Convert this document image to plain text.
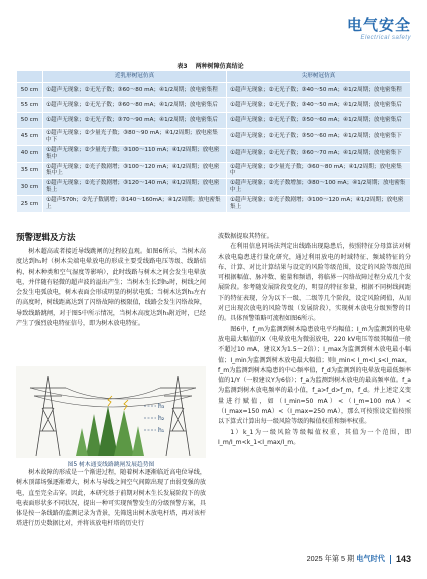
电气安全
Electrical safety
表3 两种树障仿真结论
	近乳形树冠仿真	尖形树冠仿真
50 cm	①超声无现象；②无光子数；③60～80 mA；④1/2周期；放电密集程	①超声无现象；②无光子数；③40～50 mA；④1/2周期；放电密集程
55 cm	①超声无现象；②无光子数；③60～80 mA；④1/2周期；放电密集后	①超声无现象；②无光子数；③40～50 mA；④1/2周期；放电密集后
50 cm	①超声无现象；②无光子数；③70～90 mA；④1/2周期；放电密集后	①超声无现象；②无光子数；③50～60 mA；④1/2周期；放电密集后
45 cm	①超声无现象；②少量光子数；③80～90 mA；④1/2周期；放电密集中下	①超声无现象；②无光子数；③50～60 mA；④1/2周期；放电密集下
40 cm	①超声无现象；②少量光子数；③100～110 mA；④1/2周期；放电密集中	①超声无现象；②无光子数；③60～70 mA；④1/2周期；放电密集下
35 cm	①超声无现象；②光子数剧增；③100～120 mA；④1/2周期；放电密集中上	①超声无现象；②少量光子数；③60～80 mA；④1/2周期；放电密集中
30 cm	①超声无现象；②光子数剧增；③120～140 mA；④1/2周期；放电密集上	①超声无现象；②光子数增加；③80～100 mA；④1/2周期；放电密集中上
25 cm	①超声570h；②光子数剧增；③140～160mA；④1/2周期；放电密集上	①超声无现象；②光子数剧增；③100～120 mA；④1/2周期；放电密集上
预警逻辑及方法

树木超高或者接近导线跳闸的过程较直观。如图6所示，当树木高度达到h₁时（树木尖端电晕放电的形成主要受线路电压等级、线路结构、树木种类和空气湿度等影响），此时线路与树木之间会发生电晕放电，并伴随有轻微的超声波的溢出产生；当树木生长到h₂时，树线之间会发生电弧放电，树木表面会形成明显的树状电弧；当树木达到h₃左右的高度时，树线距离达到了闪络故障的极限值，线路会发生闪络故障，导致线路跳闸，对于图5中所示情况，当树木高度达到h₃附近时，已经产生了强烈放电特征信号，即为树木放电特征。

h₃
h₂
h₁
图5 树木通变线路跳闸发展趋势图

树木故障的形成是一个渐进过程，随着树木逐渐临近高电位导线，树木顶部场强逐渐增大，树木与导线之间空气间隙出现了由弱变强的放电，直至完全击穿。因此，本研究基于前期对树木生长发展阶段下的放电表面形状多不同状况，提出一种可实现预警发生的分级预警方案，具体是按一条线路的监测记录为背景，先筛选出树木放电杆塔，再对该杆塔进行历史数据比对，并将该放电杆塔的历史行

波数据提取其特征。

在利用信息同场法判定出线路出现隐患后，按照特征分母算法对树木放电隐患进行量化研究，通过利用放电的时域特征、频域特征的分布、计算、对比计算结果与设定的风险等级范围，设定的风险等级范围可根据幅值、脉冲数、能量和频谱，将临界一闪络故障过程分成几个发展阶段。参考随发展阶段变化的，明显的特征参量，根据不同树线间距下的特征表现，分为以下一级、二级等几个阶段，设定风险阈值，从而对已出现次放电的风险等级（发展阶段），实现树木放电分级预警的目的。具体预警策略可流程如图6所示。

图6中，f_m为监测到树木隐患放电平均幅值；I_m为监测到的电晕放电最大幅值的X（电晕放电为微弱放电，220 kV电压等级其幅值一般不超过10 mA，建议X为1.5～2倍）；I_max为监测到树木放电最小幅值；I_min为监测到树木放电最大幅值；则I_min< I_m<I_s<I_max，f_m为监测到树木隐患的中心频率值，f_d为监测到的电晕放电最低频率值的1/Y（一般建议Y为6倍）；f_a为监测到树木放电的最高频率值。f_a为监测到树木放电频率的最小值，f_a>f_d>f_m，f_d。并上述定义变量进行赋值，如（I_min=50 mA）<（I_m=100 mA）<（I_max=150 mA）<（I_max=250 mA），那么可按照设定值按照以下算式计算出每一级风险等级的幅值权重和频率权重。

1）k_1为一级风险等级幅值权重，其值为一个范围，即I_m/I_m<k_1<I_max/I_m。

2025 年第 5 期 电气时代 143
